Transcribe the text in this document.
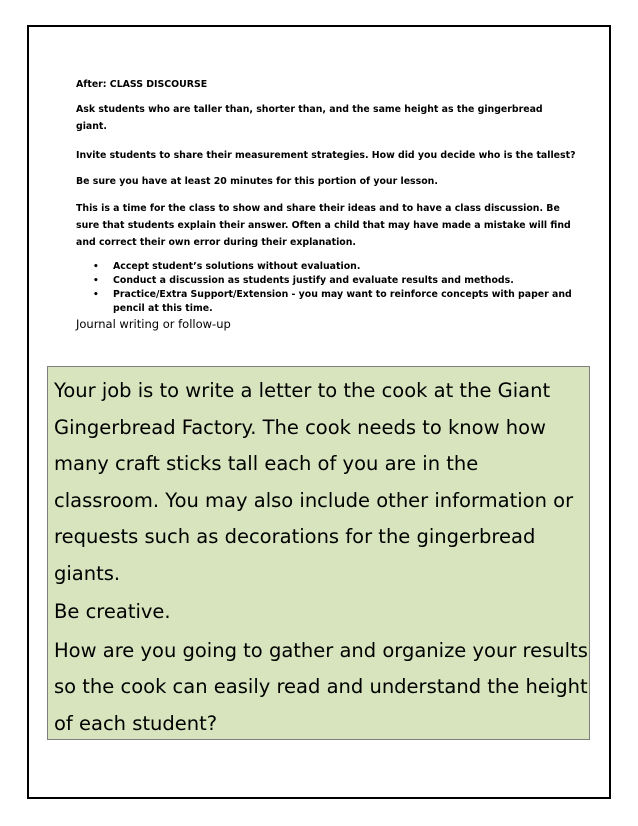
After: CLASS DISCOURSE
Ask students who are taller than, shorter than, and the same height as the gingerbread
giant.
Invite students to share their measurement strategies. How did you decide who is the tallest?
Be sure you have at least 20 minutes for this portion of your lesson.
This is a time for the class to show and share their ideas and to have a class discussion. Be
sure that students explain their answer. Often a child that may have made a mistake will find
and correct their own error during their explanation.
• Accept student’s solutions without evaluation.
• Conduct a discussion as students justify and evaluate results and methods.
• Practice/Extra Support/Extension - you may want to reinforce concepts with paper and
pencil at this time.
Journal writing or follow-up

Your job is to write a letter to the cook at the Giant

Gingerbread Factory. The cook needs to know how

many craft sticks tall each of you are in the

classroom. You may also include other information or

requests such as decorations for the gingerbread

giants.

Be creative.

How are you going to gather and organize your results

so the cook can easily read and understand the height

of each student?
